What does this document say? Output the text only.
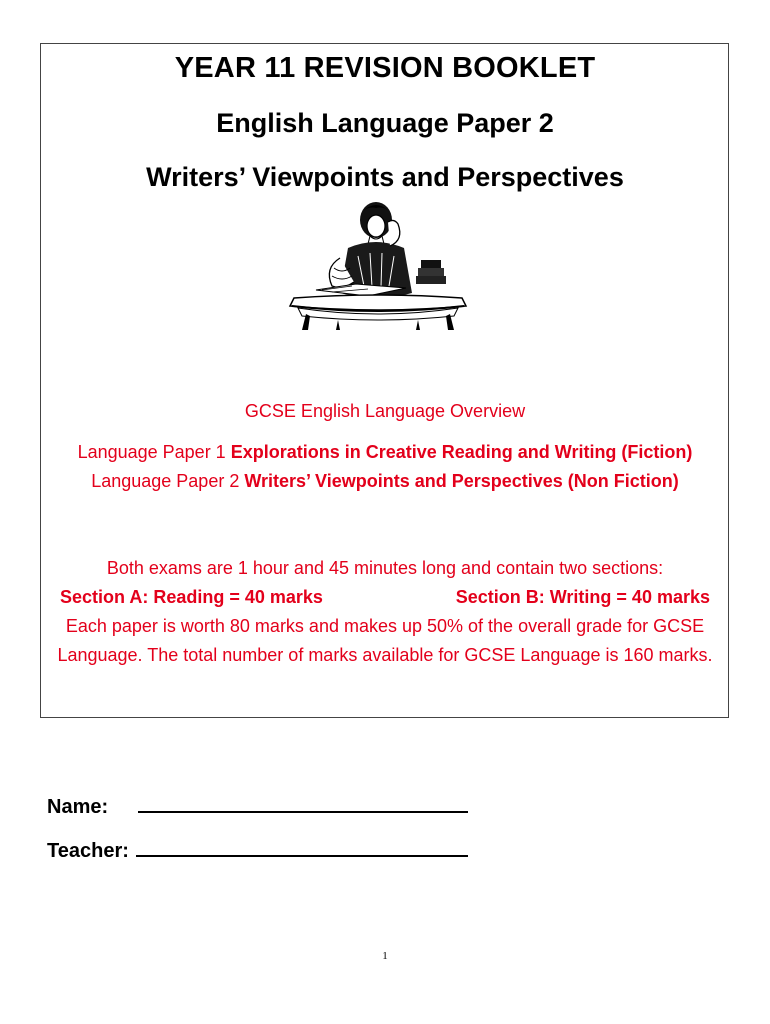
YEAR 11 REVISION BOOKLET
English Language Paper 2
Writers’ Viewpoints and Perspectives
GCSE English Language Overview
Language Paper 1 Explorations in Creative Reading and Writing (Fiction) Language Paper 2 Writers’ Viewpoints and Perspectives (Non Fiction)
Both exams are 1 hour and 45 minutes long and contain two sections:
Section A: Reading = 40 marks	Section B: Writing = 40 marks
Each paper is worth 80 marks and makes up 50% of the overall grade for GCSE Language. The total number of marks available for GCSE Language is 160 marks.
Name:
Teacher:
1
